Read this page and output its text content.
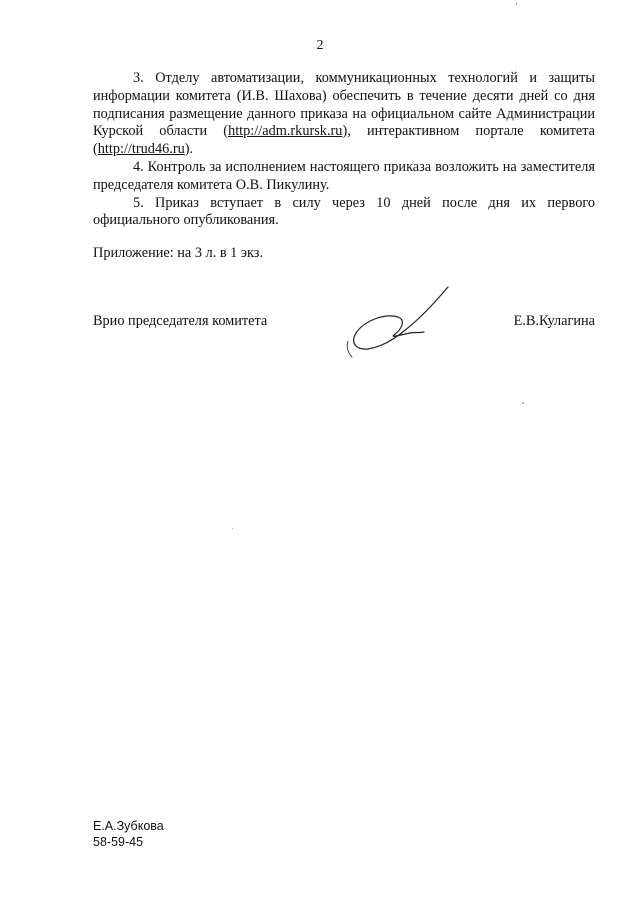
2

3. Отделу автоматизации, коммуникационных технологий и защиты информации комитета (И.В. Шахова) обеспечить в течение десяти дней со дня подписания размещение данного приказа на официальном сайте Администрации Курской области (http://adm.rkursk.ru), интерактивном портале комитета (http://trud46.ru).

4. Контроль за исполнением настоящего приказа возложить на заместителя председателя комитета О.В. Пикулину.

5. Приказ вступает в силу через 10 дней после дня их первого официального опубликования.

Приложение: на 3 л. в 1 экз.
Врио председателя комитета	Е.В.Кулагина
Е.А.Зубкова
58-59-45
